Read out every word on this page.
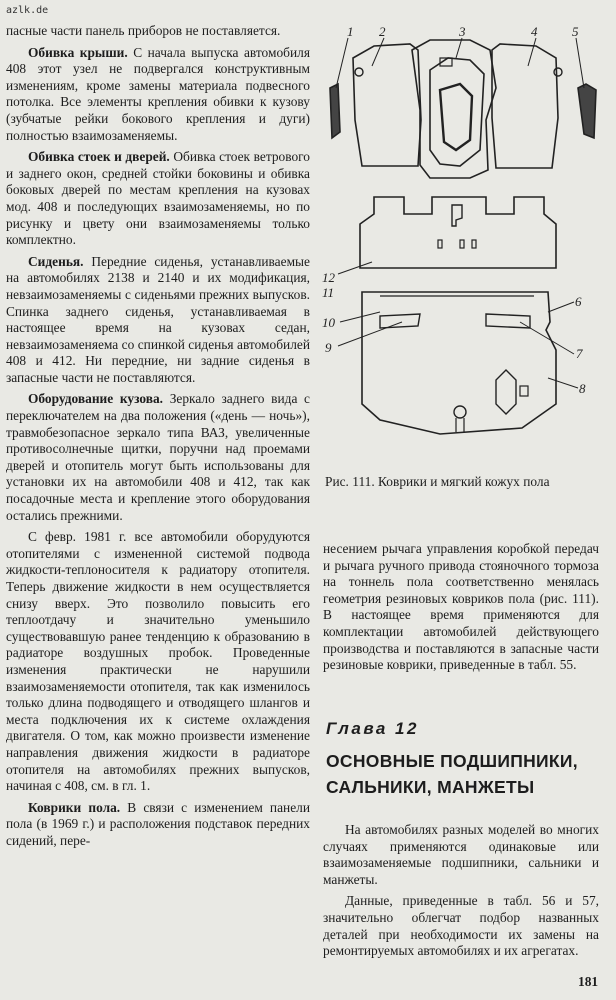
azlk.de

пасные части панель приборов не поставляется.

Обивка крыши. С начала выпуска автомобиля 408 этот узел не подвергался конструктивным изменениям, кроме замены материала подвесного потолка. Все элементы крепления обивки к кузову (зубчатые рейки бокового крепления и дуги) полностью взаимозаменяемы.

Обивка стоек и дверей. Обивка стоек ветрового и заднего окон, средней стойки боковины и обивка боковых дверей по местам крепления на кузовах мод. 408 и последующих взаимозаменяемы, но по рисунку и цвету они взаимозаменяемы только комплектно.

Сиденья. Передние сиденья, устанавливаемые на автомобилях 2138 и 2140 и их модификация, невзаимозаменяемы с сиденьями прежних выпусков. Спинка заднего сиденья, устанавливаемая в настоящее время на кузовах седан, невзаимозаменяема со спинкой сиденья автомобилей 408 и 412. Ни передние, ни задние сиденья в запасные части не поставляются.

Оборудование кузова. Зеркало заднего вида с переключателем на два положения («день — ночь»), травмобезопасное зеркало типа ВАЗ, увеличенные противосолнечные щитки, поручни над проемами дверей и отопитель могут быть использованы для установки их на автомобили 408 и 412, так как посадочные места и крепление этого оборудования остались прежними.

С февр. 1981 г. все автомобили оборудуются отопителями с измененной системой подвода жидкости-теплоносителя к радиатору отопителя. Теперь движение жидкости в нем осуществляется снизу вверх. Это позволило повысить его теплоотдачу и значительно уменьшило существовавшую ранее тенденцию к образованию в радиаторе воздушных пробок. Проведенные изменения практически не нарушили взаимозаменяемости отопителя, так как изменилось только длина подводящего и отводящего шлангов и места подключения их к системе охлаждения двигателя. О том, как можно произвести изменение направления движения жидкости в радиаторе отопителя на автомобилях прежних выпусков, начиная с 408, см. в гл. 1.

Коврики пола. В связи с изменением панели пола (в 1969 г.) и расположения подставок передних сидений, пере-

1 2	3	4	5
6
7
8
9
10
11
12
Рис. 111. Коврики и мягкий кожух пола

несением рычага управления коробкой передач и рычага ручного привода стояночного тормоза на тоннель пола соответственно менялась геометрия резиновых ковриков пола (рис. 111). В настоящее время применяются для комплектации автомобилей действующего производства и поставляются в запасные части резиновые коврики, приведенные в табл. 55.

Глава 12
ОСНОВНЫЕ ПОДШИПНИКИ,
САЛЬНИКИ, МАНЖЕТЫ

На автомобилях разных моделей во многих случаях применяются одинаковые или взаимозаменяемые подшипники, сальники и манжеты.

Данные, приведенные в табл. 56 и 57, значительно облегчат подбор названных деталей при необходимости их замены на ремонтируемых автомобилях и их агрегатах.

181
